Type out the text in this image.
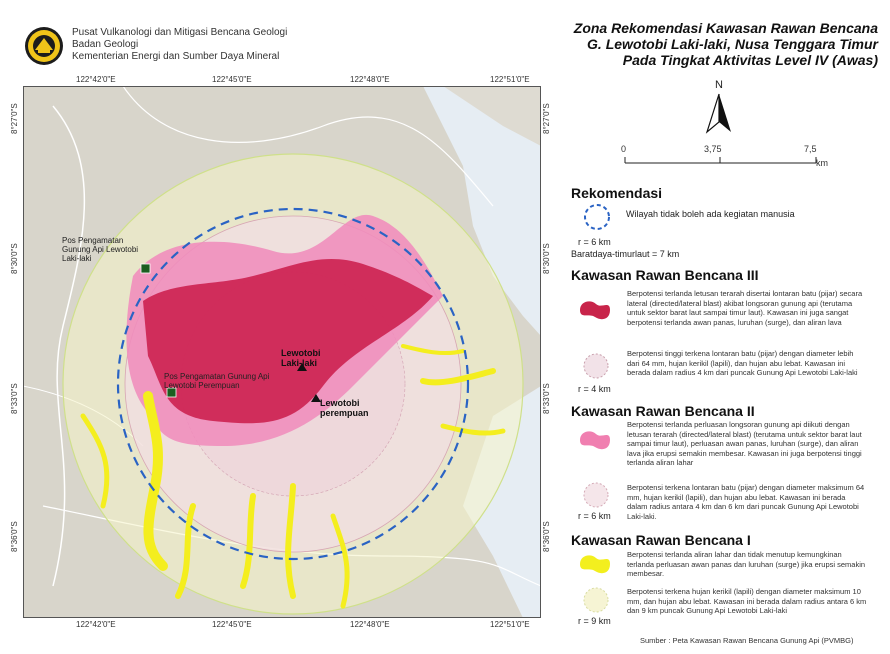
Pusat Vulkanologi dan Mitigasi Bencana Geologi
Badan Geologi
Kementerian Energi dan Sumber Daya Mineral
Zona Rekomendasi Kawasan Rawan Bencana
G. Lewotobi Laki-laki, Nusa Tenggara Timur
Pada Tingkat Aktivitas Level IV (Awas)
N
0	3,75	7,5
km
122°42'0"E	122°45'0"E	122°48'0"E	122°51'0"E
122°42'0"E	122°45'0"E	122°48'0"E	122°51'0"E
8°27'0"S
8°30'0"S
8°33'0"S
8°36'0"S
8°27'0"S
8°30'0"S
8°33'0"S
8°36'0"S
Lewotobi Laki-laki
Lewotobi perempuan
Pos Pengamatan Gunung Api Lewotobi Laki-laki
Pos Pengamatan Gunung Api Lewotobi Perempuan
Rekomendasi
Wilayah tidak boleh ada kegiatan manusia
r = 6 km
Baratdaya-timurlaut = 7 km
Kawasan Rawan Bencana III
Berpotensi terlanda letusan terarah disertai lontaran batu (pijar) secara lateral (directed/lateral blast) akibat longsoran gunung api (terutama untuk sektor barat laut sampai timur laut). Kawasan ini juga sangat berpotensi terlanda awan panas, luruhan (surge), dan aliran lava
Berpotensi tinggi terkena lontaran batu (pijar) dengan diameter lebih dari 64 mm, hujan kerikil (lapili), dan hujan abu lebat. Kawasan ini berada dalam radius 4 km dari puncak Gunung Api Lewotobi Laki-laki
r = 4 km
Kawasan Rawan Bencana II
Berpotensi terlanda perluasan longsoran gunung api diikuti dengan letusan terarah (directed/lateral blast) (terutama untuk sektor barat laut sampai timur laut), perluasan awan panas, luruhan (surge), dan aliran lava jika erupsi semakin membesar. Kawasan ini juga berpotensi tinggi terlanda aliran lahar
Berpotensi terkena lontaran batu (pijar) dengan diameter maksimum 64 mm, hujan kerikil (lapili), dan hujan abu lebat. Kawasan ini berada dalam radius antara 4 km dan 6 km dari puncak Gunung Api Lewotobi Laki-laki.
r = 6 km
Kawasan Rawan Bencana I
Berpotensi terlanda aliran lahar dan tidak menutup kemungkinan terlanda perluasan awan panas dan luruhan (surge) jika erupsi semakin membesar.
Berpotensi terkena hujan kerikil (lapili) dengan diameter maksimum 10 mm, dan hujan abu lebat. Kawasan ini berada dalam radius antara 6 km dan 9 km puncak Gunung Api Lewotobi Laki-laki
r = 9 km
Sumber : Peta Kawasan Rawan Bencana Gunung Api (PVMBG)
